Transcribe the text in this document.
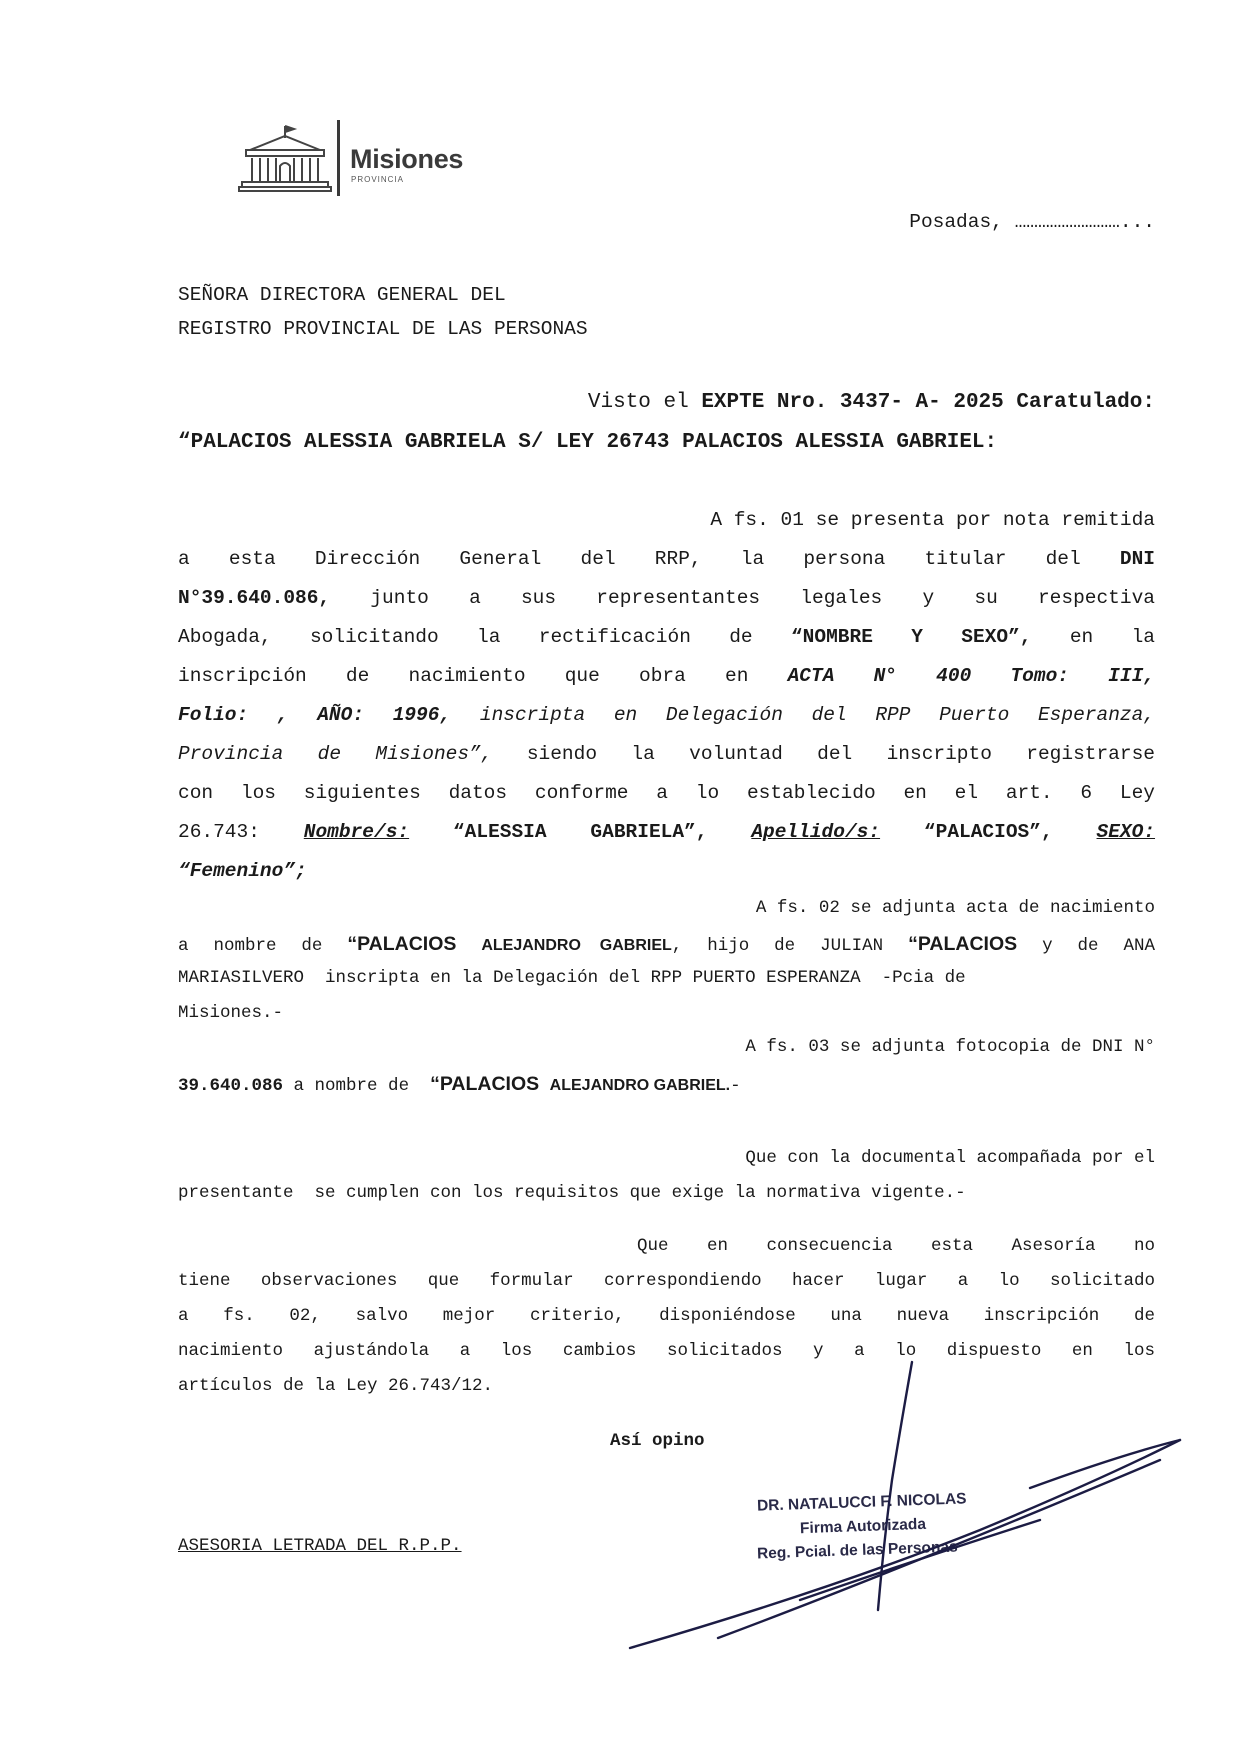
Misiones
PROVINCIA
Posadas, ………………………...
SEÑORA DIRECTORA GENERAL DEL
REGISTRO PROVINCIAL DE LAS PERSONAS
Visto el EXPTE Nro. 3437- A- 2025 Caratulado:
“PALACIOS ALESSIA GABRIELA S/ LEY 26743 PALACIOS ALESSIA GABRIEL:
A fs. 01 se presenta por nota remitida
a esta Dirección General del RRP, la persona titular del DNI
N°39.640.086, junto a sus representantes legales y su respectiva
Abogada, solicitando la rectificación de “NOMBRE Y SEXO”, en la
inscripción de nacimiento que obra en ACTA N° 400 Tomo: III,
Folio: , AÑO: 1996, inscripta en Delegación del RPP Puerto Esperanza,
Provincia de Misiones”, siendo la voluntad del inscripto registrarse
con los siguientes datos conforme a lo establecido en el art. 6 Ley
26.743: Nombre/s: “ALESSIA GABRIELA”, Apellido/s: “PALACIOS”, SEXO:
“Femenino”;
A fs. 02 se adjunta acta de nacimiento
a nombre de “PALACIOS ALEJANDRO GABRIEL, hijo de JULIAN “PALACIOS y de ANA
MARIASILVERO  inscripta en la Delegación del RPP PUERTO ESPERANZA  -Pcia de
Misiones.-
A fs. 03 se adjunta fotocopia de DNI N°
39.640.086 a nombre de “PALACIOS ALEJANDRO GABRIEL.-
Que con la documental acompañada por el
presentante  se cumplen con los requisitos que exige la normativa vigente.-
Que en consecuencia esta Asesoría no
tiene observaciones que formular correspondiendo hacer lugar a lo solicitado
a fs. 02, salvo mejor criterio, disponiéndose una nueva inscripción de
nacimiento ajustándola a los cambios solicitados y a lo dispuesto en los
artículos de la Ley 26.743/12.
Así opino
ASESORIA LETRADA DEL R.P.P.
DR. NATALUCCI F. NICOLAS
Firma Autorizada
Reg. Pcial. de las Personas
